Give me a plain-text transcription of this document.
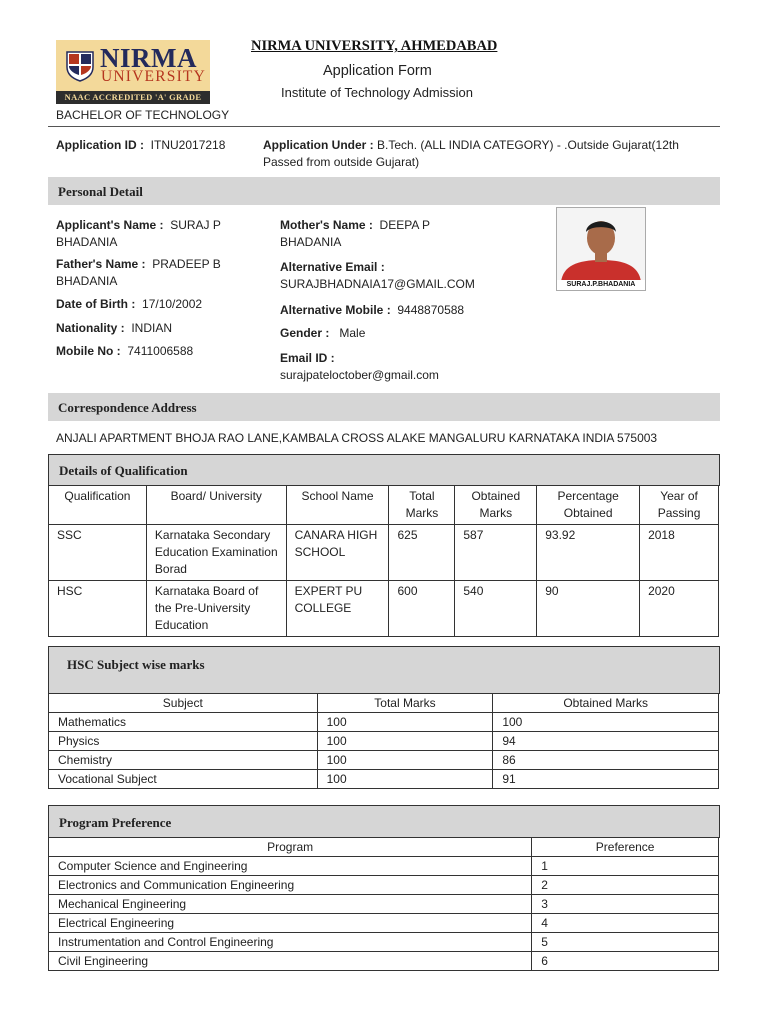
NIRMA
UNIVERSITY
NAAC ACCREDITED 'A' GRADE
NIRMA UNIVERSITY, AHMEDABAD
Application Form
Institute of Technology Admission
BACHELOR OF TECHNOLOGY
Application ID : ITNU2017218	Application Under : B.Tech. (ALL INDIA CATEGORY) - .Outside Gujarat(12th Passed from outside Gujarat)
Personal Detail
Applicant's Name : SURAJ P BHADANIA
Father's Name : PRADEEP B BHADANIA
Date of Birth : 17/10/2002
Nationality : INDIAN
Mobile No : 7411006588
Mother's Name : DEEPA P BHADANIA
Alternative Email :
SURAJBHADNAIA17@GMAIL.COM
Alternative Mobile : 9448870588
Gender : Male
Email ID :
surajpateloctober@gmail.com
SURAJ.P.BHADANIA
Correspondence Address
ANJALI APARTMENT BHOJA RAO LANE,KAMBALA CROSS ALAKE MANGALURU KARNATAKA INDIA 575003
Details of Qualification
Qualification	Board/ University	School Name	Total Marks	Obtained Marks	Percentage Obtained	Year of Passing
SSC	Karnataka Secondary Education Examination Borad	CANARA HIGH SCHOOL	625	587	93.92	2018
HSC	Karnataka Board of the Pre-University Education	EXPERT PU COLLEGE	600	540	90	2020
HSC Subject wise marks
Subject	Total Marks	Obtained Marks
Mathematics	100	100
Physics	100	94
Chemistry	100	86
Vocational Subject	100	91
Program Preference
Program	Preference
Computer Science and Engineering	1
Electronics and Communication Engineering	2
Mechanical Engineering	3
Electrical Engineering	4
Instrumentation and Control Engineering	5
Civil Engineering	6
